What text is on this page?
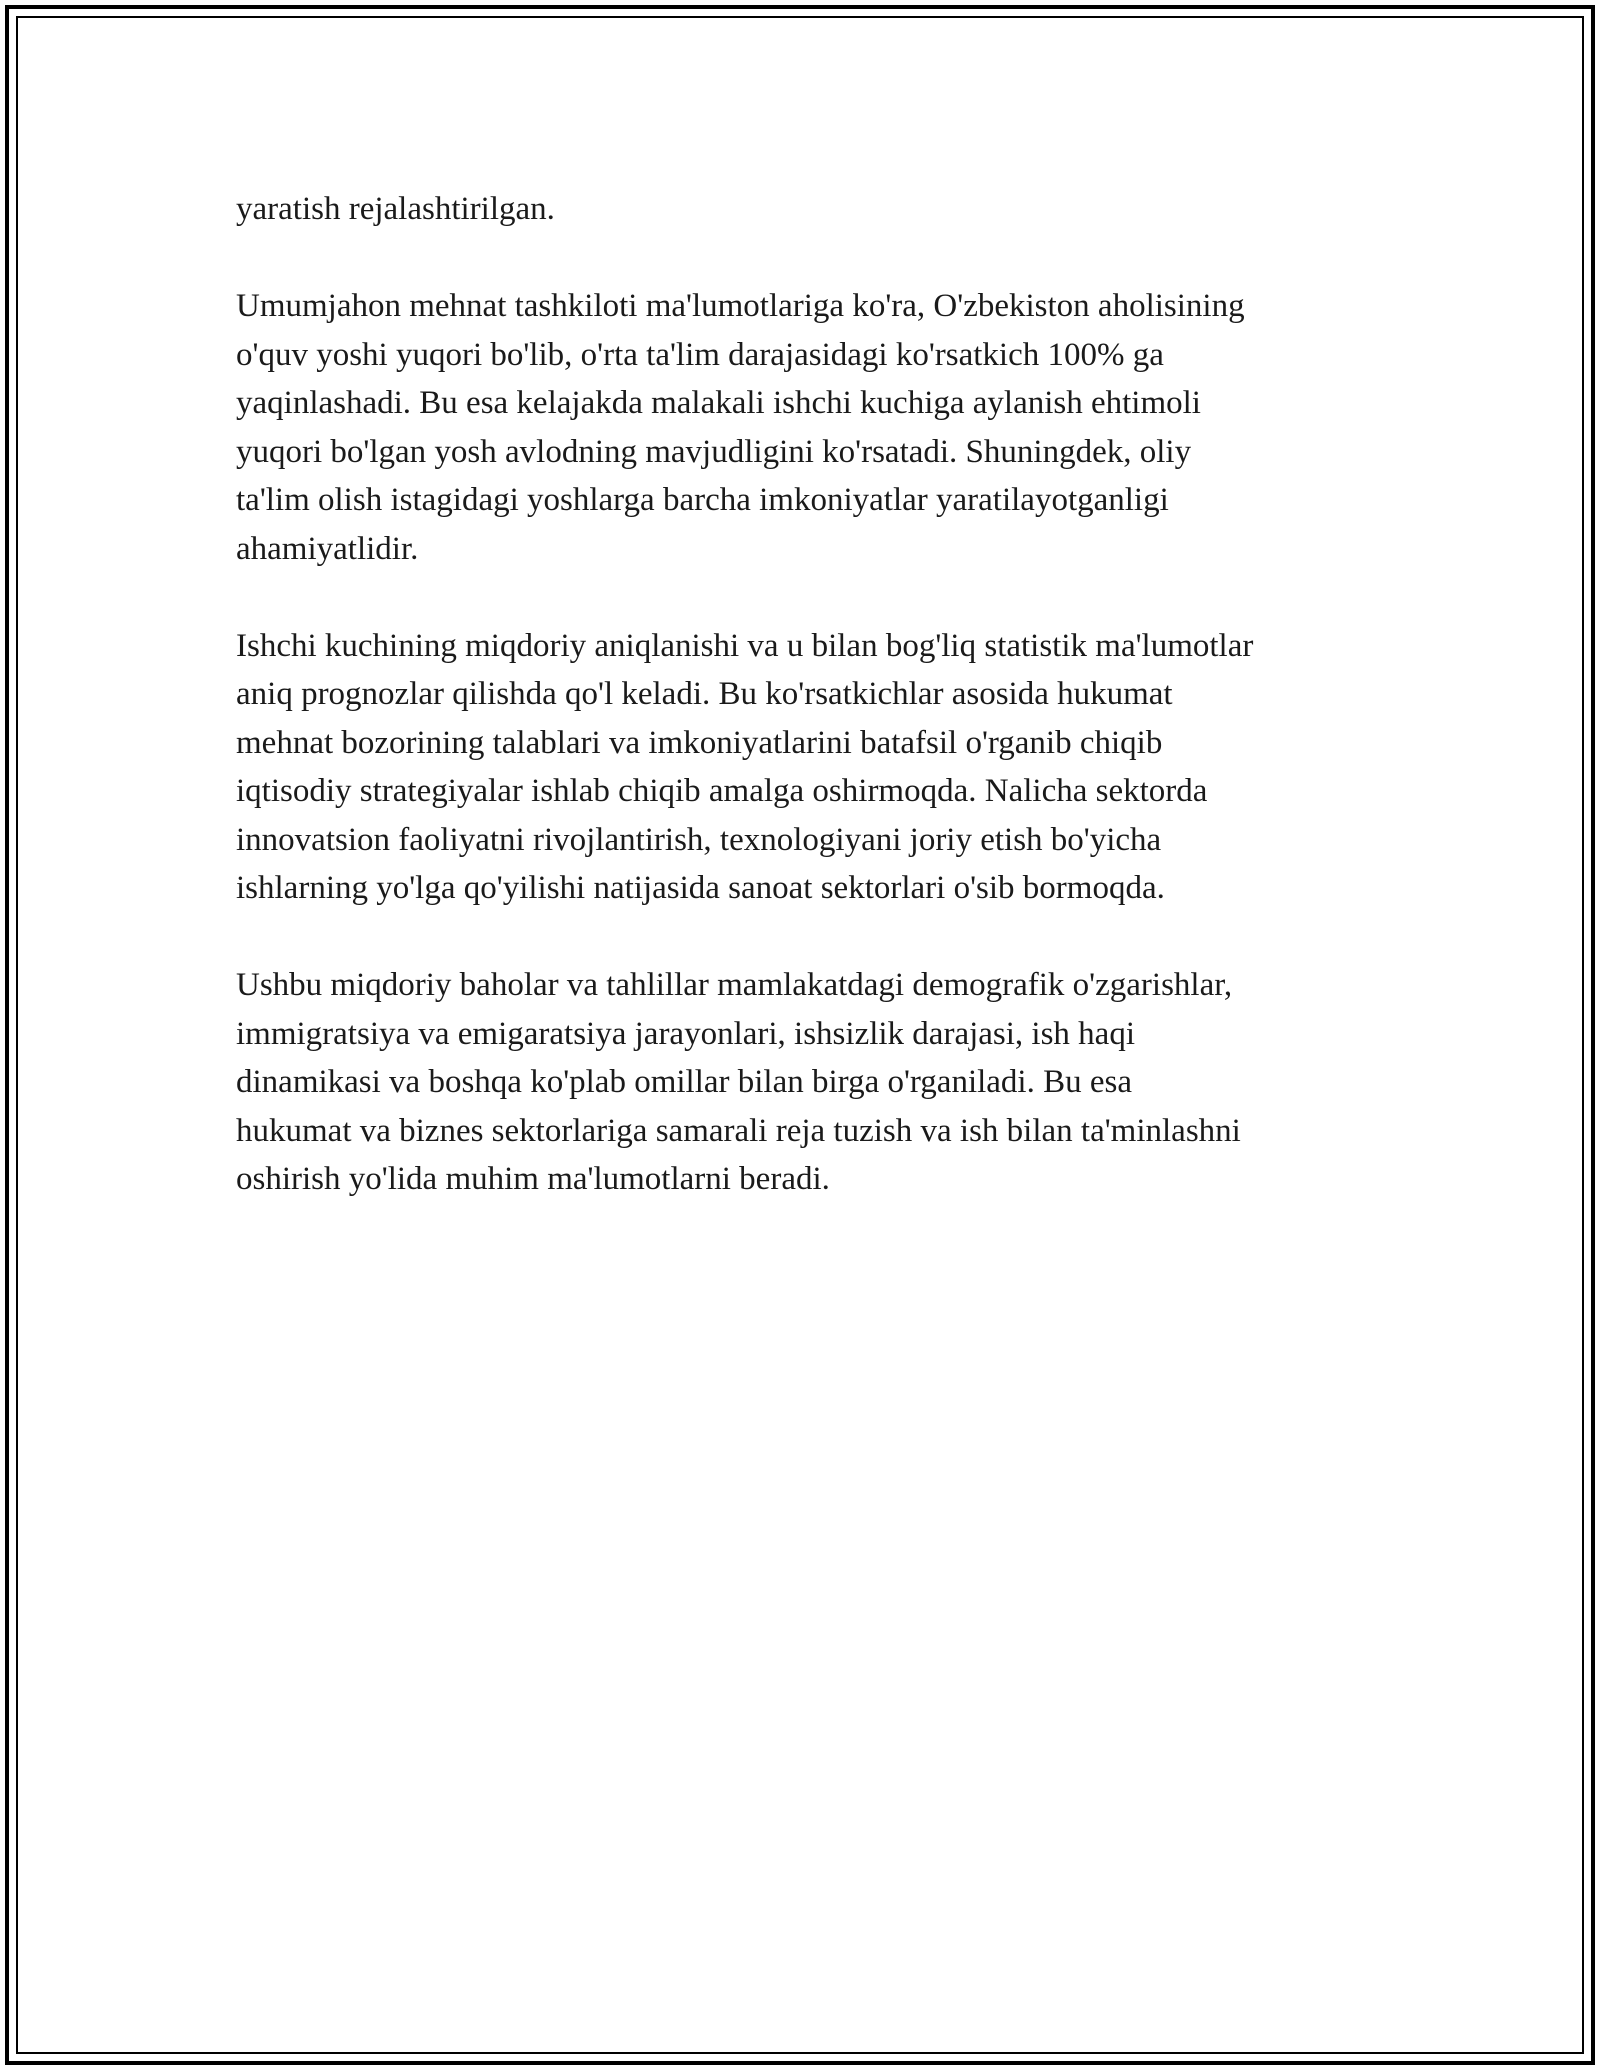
yaratish rejalashtirilgan.

Umumjahon mehnat tashkiloti ma'lumotlariga ko'ra, O'zbekiston aholisining
o'quv yoshi yuqori bo'lib, o'rta ta'lim darajasidagi ko'rsatkich 100% ga
yaqinlashadi. Bu esa kelajakda malakali ishchi kuchiga aylanish ehtimoli
yuqori bo'lgan yosh avlodning mavjudligini ko'rsatadi. Shuningdek, oliy
ta'lim olish istagidagi yoshlarga barcha imkoniyatlar yaratilayotganligi
ahamiyatlidir.

Ishchi kuchining miqdoriy aniqlanishi va u bilan bog'liq statistik ma'lumotlar
aniq prognozlar qilishda qo'l keladi. Bu ko'rsatkichlar asosida hukumat
mehnat bozorining talablari va imkoniyatlarini batafsil o'rganib chiqib
iqtisodiy strategiyalar ishlab chiqib amalga oshirmoqda. Nalicha sektorda
innovatsion faoliyatni rivojlantirish, texnologiyani joriy etish bo'yicha
ishlarning yo'lga qo'yilishi natijasida sanoat sektorlari o'sib bormoqda.

Ushbu miqdoriy baholar va tahlillar mamlakatdagi demografik o'zgarishlar,
immigratsiya va emigaratsiya jarayonlari, ishsizlik darajasi, ish haqi
dinamikasi va boshqa ko'plab omillar bilan birga o'rganiladi. Bu esa
hukumat va biznes sektorlariga samarali reja tuzish va ish bilan ta'minlashni
oshirish yo'lida muhim ma'lumotlarni beradi.
